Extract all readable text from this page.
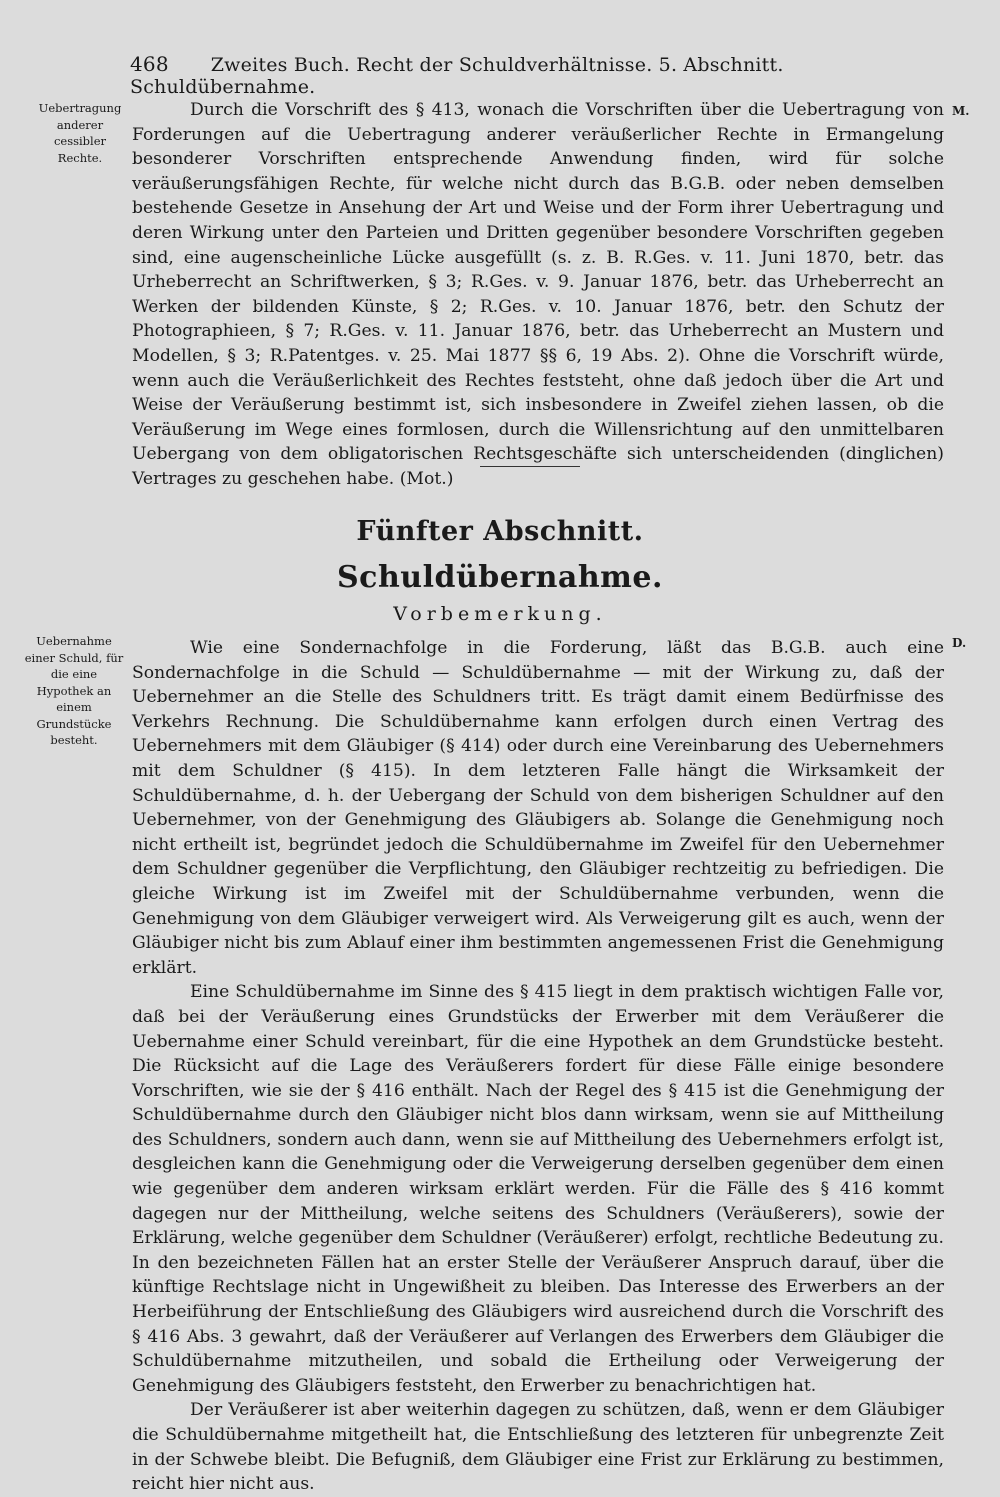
468 Zweites Buch. Recht der Schuldverhältnisse. 5. Abschnitt. Schuldübernahme.
Uebertragung anderer cessibler Rechte.
M.

Durch die Vorschrift des § 413, wonach die Vorschriften über die Uebertragung von Forderungen auf die Uebertragung anderer veräußerlicher Rechte in Ermangelung besonderer Vorschriften entsprechende Anwendung finden, wird für solche veräußerungsfähigen Rechte, für welche nicht durch das B.G.B. oder neben demselben bestehende Gesetze in Ansehung der Art und Weise und der Form ihrer Uebertragung und deren Wirkung unter den Parteien und Dritten gegenüber besondere Vorschriften gegeben sind, eine augenscheinliche Lücke ausgefüllt (s. z. B. R.Ges. v. 11. Juni 1870, betr. das Urheberrecht an Schriftwerken, § 3; R.Ges. v. 9. Januar 1876, betr. das Urheberrecht an Werken der bildenden Künste, § 2; R.Ges. v. 10. Januar 1876, betr. den Schutz der Photographieen, § 7; R.Ges. v. 11. Januar 1876, betr. das Urheberrecht an Mustern und Modellen, § 3; R.Patentges. v. 25. Mai 1877 §§ 6, 19 Abs. 2). Ohne die Vorschrift würde, wenn auch die Veräußerlichkeit des Rechtes feststeht, ohne daß jedoch über die Art und Weise der Veräußerung bestimmt ist, sich insbesondere in Zweifel ziehen lassen, ob die Veräußerung im Wege eines formlosen, durch die Willensrichtung auf den unmittelbaren Uebergang von dem obligatorischen Rechtsgeschäfte sich unterscheidenden (dinglichen) Vertrages zu geschehen habe. (Mot.)

Fünfter Abschnitt.
Schuldübernahme.
Vorbemerkung.
Uebernahme einer Schuld, für die eine Hypothek an einem Grundstücke besteht.
D.

Wie eine Sondernachfolge in die Forderung, läßt das B.G.B. auch eine Sondernachfolge in die Schuld — Schuldübernahme — mit der Wirkung zu, daß der Uebernehmer an die Stelle des Schuldners tritt. Es trägt damit einem Bedürfnisse des Verkehrs Rechnung. Die Schuldübernahme kann erfolgen durch einen Vertrag des Uebernehmers mit dem Gläubiger (§ 414) oder durch eine Vereinbarung des Uebernehmers mit dem Schuldner (§ 415). In dem letzteren Falle hängt die Wirksamkeit der Schuldübernahme, d. h. der Uebergang der Schuld von dem bisherigen Schuldner auf den Uebernehmer, von der Genehmigung des Gläubigers ab. Solange die Genehmigung noch nicht ertheilt ist, begründet jedoch die Schuldübernahme im Zweifel für den Uebernehmer dem Schuldner gegenüber die Verpflichtung, den Gläubiger rechtzeitig zu befriedigen. Die gleiche Wirkung ist im Zweifel mit der Schuldübernahme verbunden, wenn die Genehmigung von dem Gläubiger verweigert wird. Als Verweigerung gilt es auch, wenn der Gläubiger nicht bis zum Ablauf einer ihm bestimmten angemessenen Frist die Genehmigung erklärt.

Eine Schuldübernahme im Sinne des § 415 liegt in dem praktisch wichtigen Falle vor, daß bei der Veräußerung eines Grundstücks der Erwerber mit dem Veräußerer die Uebernahme einer Schuld vereinbart, für die eine Hypothek an dem Grundstücke besteht. Die Rücksicht auf die Lage des Veräußerers fordert für diese Fälle einige besondere Vorschriften, wie sie der § 416 enthält. Nach der Regel des § 415 ist die Genehmigung der Schuldübernahme durch den Gläubiger nicht blos dann wirksam, wenn sie auf Mittheilung des Schuldners, sondern auch dann, wenn sie auf Mittheilung des Uebernehmers erfolgt ist, desgleichen kann die Genehmigung oder die Verweigerung derselben gegenüber dem einen wie gegenüber dem anderen wirksam erklärt werden. Für die Fälle des § 416 kommt dagegen nur der Mittheilung, welche seitens des Schuldners (Veräußerers), sowie der Erklärung, welche gegenüber dem Schuldner (Veräußerer) erfolgt, rechtliche Bedeutung zu. In den bezeichneten Fällen hat an erster Stelle der Veräußerer Anspruch darauf, über die künftige Rechtslage nicht in Ungewißheit zu bleiben. Das Interesse des Erwerbers an der Herbeiführung der Entschließung des Gläubigers wird ausreichend durch die Vorschrift des § 416 Abs. 3 gewahrt, daß der Veräußerer auf Verlangen des Erwerbers dem Gläubiger die Schuldübernahme mitzutheilen, und sobald die Ertheilung oder Verweigerung der Genehmigung des Gläubigers feststeht, den Erwerber zu benachrichtigen hat.

Der Veräußerer ist aber weiterhin dagegen zu schützen, daß, wenn er dem Gläubiger die Schuldübernahme mitgetheilt hat, die Entschließung des letzteren für unbegrenzte Zeit in der Schwebe bleibt. Die Befugniß, dem Gläubiger eine Frist zur Erklärung zu bestimmen, reicht hier nicht aus.
